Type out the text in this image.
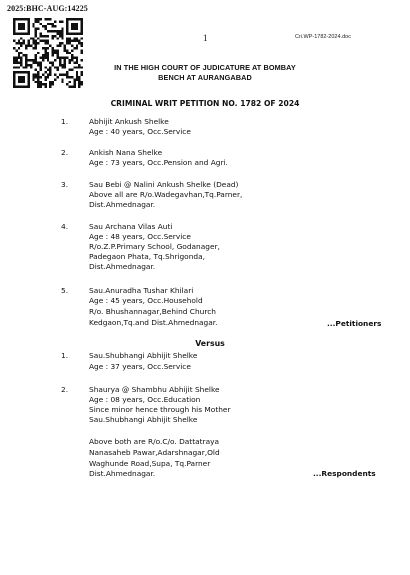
2025:BHC-AUG:14225
1	Cri.WP-1782-2024.doc
IN THE HIGH COURT OF JUDICATURE AT BOMBAY
BENCH AT AURANGABAD
CRIMINAL WRIT PETITION NO. 1782 OF 2024
1.	Abhijit Ankush Shelke
Age : 40 years, Occ.Service
2.	Ankish Nana Shelke
Age : 73 years, Occ.Pension and Agri.
3.	Sau Bebi @ Nalini Ankush Shelke (Dead)
Above all are R/o.Wadegavhan,Tq.Parner,
Dist.Ahmednagar.
4.	Sau Archana Vilas Auti
Age : 48 years, Occ.Service
R/o.Z.P.Primary School, Godanager,
Padegaon Phata, Tq.Shrigonda,
Dist.Ahmednagar.
5.	Sau.Anuradha Tushar Khilari
Age : 45 years, Occ.Household
R/o. Bhushannagar,Behind Church
Kedgaon,Tq.and Dist.Ahmednagar.	...Petitioners
Versus
1.	Sau.Shubhangi Abhijit Shelke
Age : 37 years, Occ.Service
2.	Shaurya @ Shambhu Abhijit Shelke
Age : 08 years, Occ.Education
Since minor hence through his Mother
Sau.Shubhangi Abhijit Shelke
Above both are R/o.C/o. Dattatraya
Nanasaheb Pawar,Adarshnagar,Old
Waghunde Road,Supa, Tq.Parner
Dist.Ahmednagar.	...Respondents
